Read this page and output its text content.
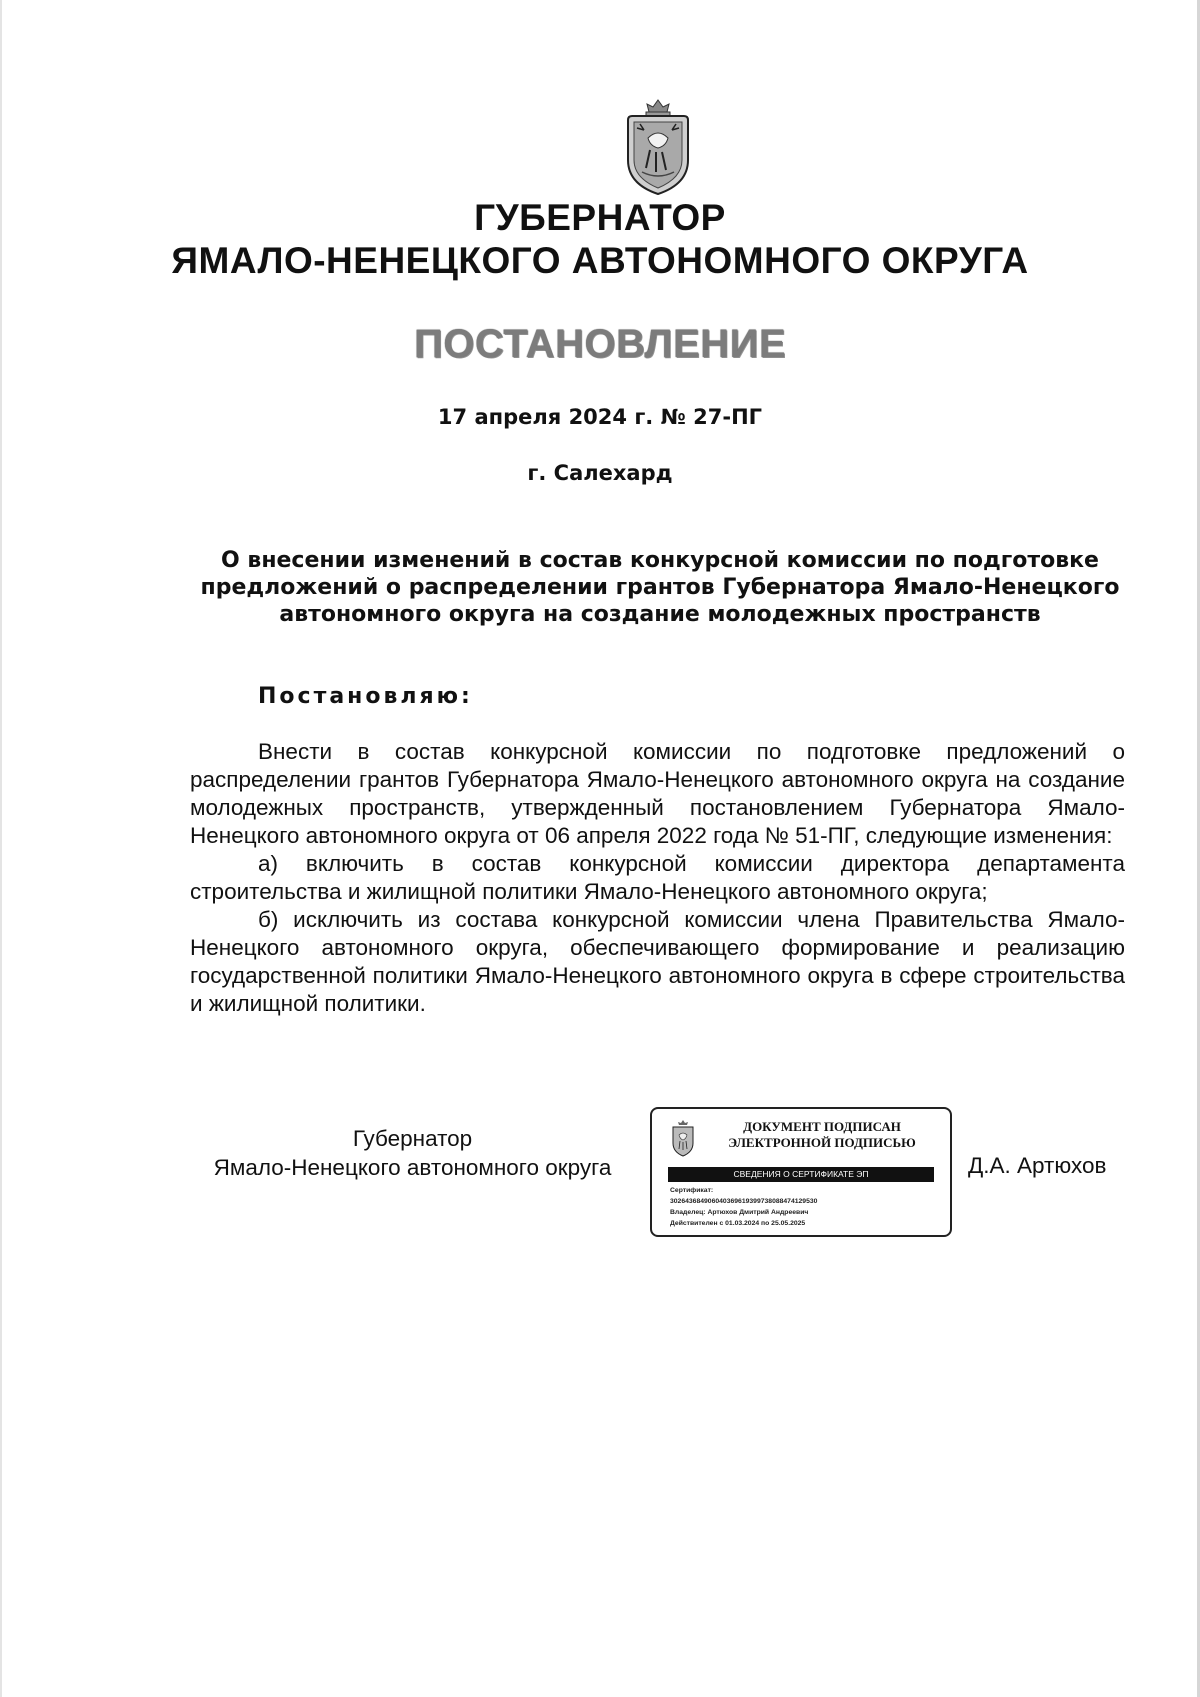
ГУБЕРНАТОР
ЯМАЛО-НЕНЕЦКОГО АВТОНОМНОГО ОКРУГА
ПОСТАНОВЛЕНИЕ
17 апреля 2024 г. № 27-ПГ
г. Салехард
О внесении изменений в состав конкурсной комиссии по подготовке
предложений о распределении грантов Губернатора Ямало-Ненецкого
автономного округа на создание молодежных пространств
Постановляю:

Внести в состав конкурсной комиссии по подготовке предложений о распределении грантов Губернатора Ямало-Ненецкого автономного округа на создание молодежных пространств, утвержденный постановлением Губернатора Ямало-Ненецкого автономного округа от 06 апреля 2022 года № 51-ПГ, следующие изменения:

а) включить в состав конкурсной комиссии директора департамента строительства и жилищной политики Ямало-Ненецкого автономного округа;

б) исключить из состава конкурсной комиссии члена Правительства Ямало-Ненецкого автономного округа, обеспечивающего формирование и реализацию государственной политики Ямало-Ненецкого автономного округа в сфере строительства и жилищной политики.

Губернатор
Ямало-Ненецкого автономного округа
ДОКУМЕНТ ПОДПИСАН
ЭЛЕКТРОННОЙ ПОДПИСЬЮ
СВЕДЕНИЯ О СЕРТИФИКАТЕ ЭП
Сертификат:
30264368490604036961939973808847412953​0
Владелец: Артюхов Дмитрий Андреевич
Действителен с 01.03.2024 по 25.05.2025
Д.А. Артюхов
